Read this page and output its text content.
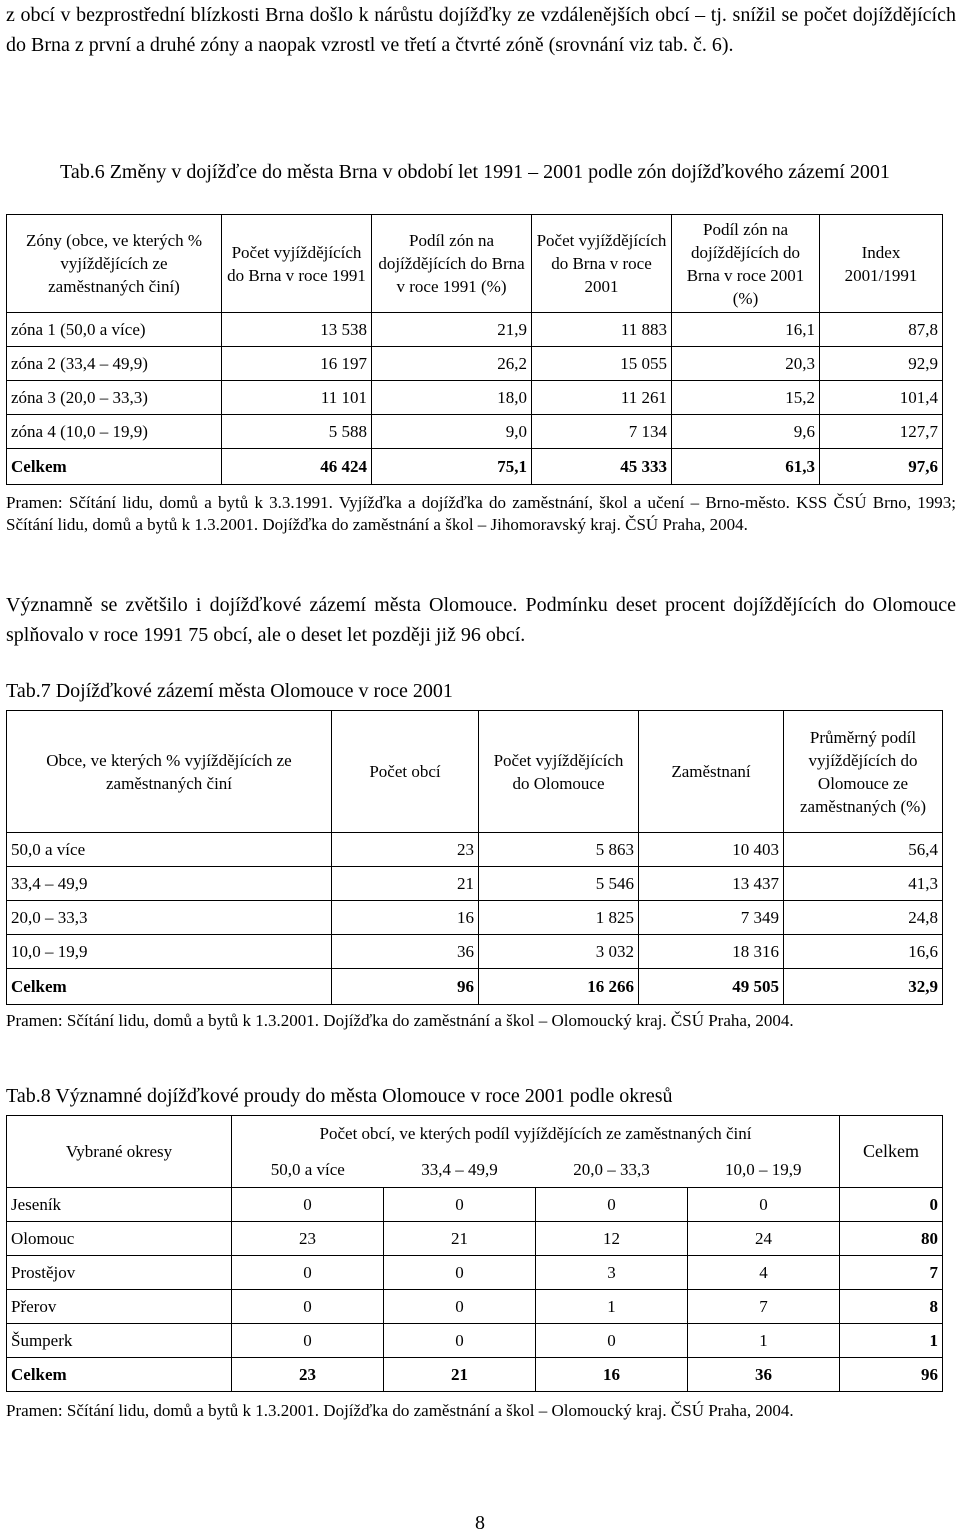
z obcí v bezprostřední blízkosti Brna došlo k nárůstu dojížďky ze vzdálenějších obcí – tj. snížil se počet dojíždějících do Brna z první a druhé zóny a naopak vzrostl ve třetí a čtvrté zóně (srovnání viz tab. č. 6).

Tab.6 Změny v dojížďce do města Brna v období let 1991 – 2001 podle zón dojížďkového zázemí 2001

Zóny (obce, ve kterých % vyjíždějících ze zaměstnaných činí)	Počet vyjíždějících do Brna v roce 1991	Podíl zón na dojíždějících do Brna v roce 1991 (%)	Počet vyjíždějících do Brna v roce 2001	Podíl zón na dojíždějících do Brna v roce 2001 (%)	Index 2001/1991
zóna 1 (50,0 a více)	13 538	21,9	11 883	16,1	87,8
zóna 2 (33,4 – 49,9)	16 197	26,2	15 055	20,3	92,9
zóna 3 (20,0 – 33,3)	11 101	18,0	11 261	15,2	101,4
zóna 4 (10,0 – 19,9)	5 588	9,0	7 134	9,6	127,7
Celkem	46 424	75,1	45 333	61,3	97,6

Pramen: Sčítání lidu, domů a bytů k 3.3.1991. Vyjížďka a dojížďka do zaměstnání, škol a učení – Brno-město. KSS ČSÚ Brno, 1993; Sčítání lidu, domů a bytů k 1.3.2001. Dojížďka do zaměstnání a škol – Jihomoravský kraj. ČSÚ Praha, 2004.

Významně se zvětšilo i dojížďkové zázemí města Olomouce. Podmínku deset procent dojíždějících do Olomouce splňovalo v roce 1991 75 obcí, ale o deset let později již 96 obcí.

Tab.7 Dojížďkové zázemí města Olomouce v roce 2001

Obce, ve kterých % vyjíždějících ze zaměstnaných činí	Počet obcí	Počet vyjíždějících do Olomouce	Zaměstnaní	Průměrný podíl vyjíždějících do Olomouce ze zaměstnaných (%)
50,0 a více	23	5 863	10 403	56,4
33,4 – 49,9	21	5 546	13 437	41,3
20,0 – 33,3	16	1 825	7 349	24,8
10,0 – 19,9	36	3 032	18 316	16,6
Celkem	96	16 266	49 505	32,9

Pramen: Sčítání lidu, domů a bytů k 1.3.2001. Dojížďka do zaměstnání a škol – Olomoucký kraj. ČSÚ Praha, 2004.

Tab.8 Významné dojížďkové proudy do města Olomouce v roce 2001 podle okresů

Vybrané okresy	Počet obcí, ve kterých podíl vyjíždějících ze zaměstnaných činí				Celkem
	50,0 a více	33,4 – 49,9	20,0 – 33,3	10,0 – 19,9	
Jeseník	0	0	0	0	0
Olomouc	23	21	12	24	80
Prostějov	0	0	3	4	7
Přerov	0	0	1	7	8
Šumperk	0	0	0	1	1
Celkem	23	21	16	36	96

Pramen: Sčítání lidu, domů a bytů k 1.3.2001. Dojížďka do zaměstnání a škol – Olomoucký kraj. ČSÚ Praha, 2004.

8
